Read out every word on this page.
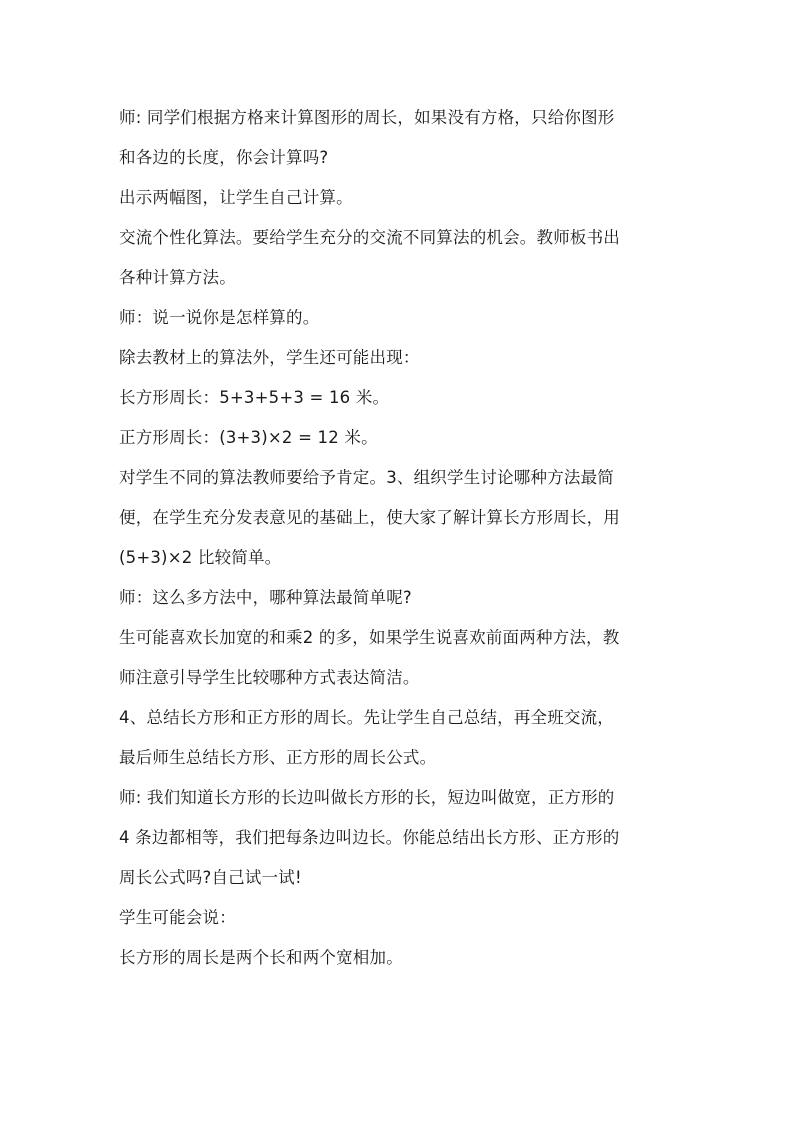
师: 同学们根据方格来计算图形的周长，如果没有方格，只给你图形
和各边的长度，你会计算吗?
出示两幅图，让学生自己计算。
交流个性化算法。要给学生充分的交流不同算法的机会。教师板书出
各种计算方法。
师：说一说你是怎样算的。
除去教材上的算法外，学生还可能出现：
长方形周长：5+3+5+3 = 16 米。
正方形周长：(3+3)×2 = 12 米。
对学生不同的算法教师要给予肯定。3、组织学生讨论哪种方法最简
便，在学生充分发表意见的基础上，使大家了解计算长方形周长，用
(5+3)×2 比较简单。
师：这么多方法中，哪种算法最简单呢?
生可能喜欢长加宽的和乘2 的多，如果学生说喜欢前面两种方法，教
师注意引导学生比较哪种方式表达简洁。
4、总结长方形和正方形的周长。先让学生自己总结，再全班交流，
最后师生总结长方形、正方形的周长公式。
师: 我们知道长方形的长边叫做长方形的长，短边叫做宽，正方形的
4 条边都相等，我们把每条边叫边长。你能总结出长方形、正方形的
周长公式吗?自己试一试!
学生可能会说：
长方形的周长是两个长和两个宽相加。
